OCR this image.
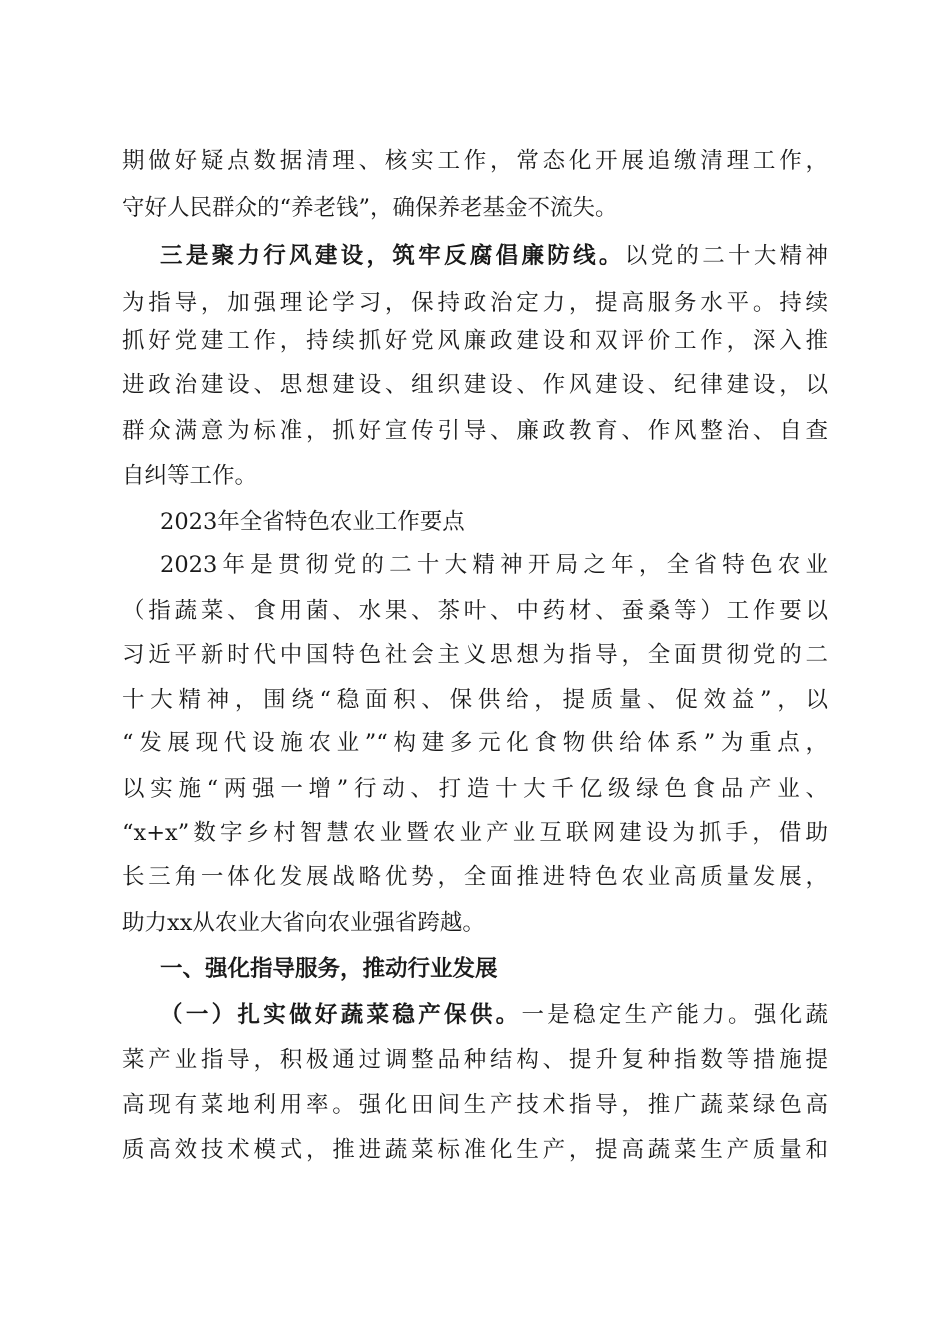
期做好疑点数据清理、核实工作，常态化开展追缴清理工作，
守好人民群众的“养老钱”，确保养老基金不流失。
三是聚力行风建设，筑牢反腐倡廉防线。以党的二十大精神
为指导，加强理论学习，保持政治定力，提高服务水平。持续
抓好党建工作，持续抓好党风廉政建设和双评价工作，深入推
进政治建设、思想建设、组织建设、作风建设、纪律建设，以
群众满意为标准，抓好宣传引导、廉政教育、作风整治、自查
自纠等工作。
2023年全省特色农业工作要点
2023年是贯彻党的二十大精神开局之年，全省特色农业
（指蔬菜、食用菌、水果、茶叶、中药材、蚕桑等）工作要以
习近平新时代中国特色社会主义思想为指导，全面贯彻党的二
十大精神，围绕“稳面积、保供给，提质量、促效益”，以
“发展现代设施农业”“构建多元化食物供给体系”为重点，
以实施“两强一增”行动、打造十大千亿级绿色食品产业、
“x+x”数字乡村智慧农业暨农业产业互联网建设为抓手，借助
长三角一体化发展战略优势，全面推进特色农业高质量发展，
助力xx从农业大省向农业强省跨越。
一、强化指导服务，推动行业发展
（一）扎实做好蔬菜稳产保供。一是稳定生产能力。强化蔬
菜产业指导，积极通过调整品种结构、提升复种指数等措施提
高现有菜地利用率。强化田间生产技术指导，推广蔬菜绿色高
质高效技术模式，推进蔬菜标准化生产，提高蔬菜生产质量和
